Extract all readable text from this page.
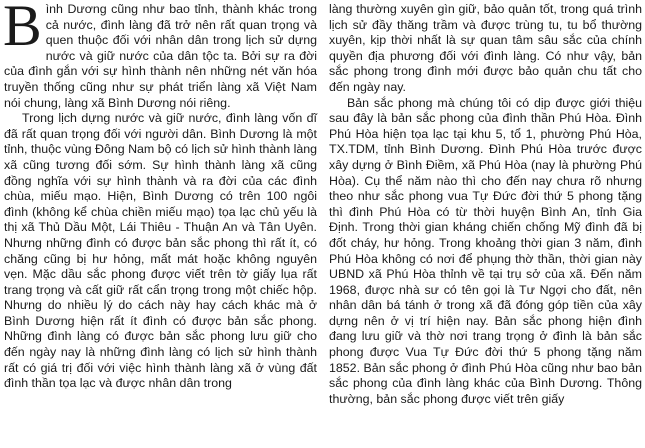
Bình Dương cũng như bao tỉnh, thành khác trong cả nước, đình làng đã trở nên rất quan trọng và quen thuộc đối với nhân dân trong lịch sử dựng nước và giữ nước của dân tộc ta. Bởi sự ra đời của đình gắn với sự hình thành nên những nét văn hóa truyền thống cũng như sự phát triển làng xã Việt Nam nói chung, làng xã Bình Dương nói riêng.

Trong lịch dựng nước và giữ nước, đình làng vốn dĩ đã rất quan trọng đối với người dân. Bình Dương là một tỉnh, thuộc vùng Đông Nam bộ có lịch sử hình thành làng xã cũng tương đối sớm. Sự hình thành làng xã cũng đồng nghĩa với sự hình thành và ra đời của các đình chùa, miếu mạo. Hiện, Bình Dương có trên 100 ngôi đình (không kể chùa chiền miếu mạo) tọa lạc chủ yếu là thị xã Thủ Dầu Một, Lái Thiêu - Thuận An và Tân Uyên. Nhưng những đình có được bản sắc phong thì rất ít, có chăng cũng bị hư hỏng, mất mát hoặc không nguyên vẹn. Mặc dầu sắc phong được viết trên tờ giấy lụa rất trang trọng và cất giữ rất cẩn trọng trong một chiếc hộp. Nhưng do nhiều lý do cách này hay cách khác mà ở Bình Dương hiện rất ít đình có được bản sắc phong. Những đình làng có được bản sắc phong lưu giữ cho đến ngày nay là những đình làng có lịch sử hình thành rất có giá trị đối với việc hình thành làng xã ở vùng đất đình thần tọa lạc và được nhân dân trong

làng thường xuyên gìn giữ, bảo quản tốt, trong quá trình lịch sử đầy thăng trầm và được trùng tu, tu bổ thường xuyên, kịp thời nhất là sự quan tâm sâu sắc của chính quyền địa phương đối với đình làng. Có như vậy, bản sắc phong trong đình mới được bảo quản chu tất cho đến ngày nay.

Bản sắc phong mà chúng tôi có dịp được giới thiệu sau đây là bản sắc phong của đình thần Phú Hòa. Đình Phú Hòa hiện tọa lạc tại khu 5, tổ 1, phường Phú Hòa, TX.TDM, tỉnh Bình Dương. Đình Phú Hòa trước được xây dựng ở Bình Điềm, xã Phú Hòa (nay là phường Phú Hòa). Cụ thể năm nào thì cho đến nay chưa rõ nhưng theo như sắc phong vua Tự Đức đời thứ 5 phong tặng thì đình Phú Hòa có từ thời huyện Bình An, tỉnh Gia Định. Trong thời gian kháng chiến chống Mỹ đình đã bị đốt cháy, hư hỏng. Trong khoảng thời gian 3 năm, đình Phú Hòa không có nơi để phụng thờ thần, thời gian này UBND xã Phú Hòa thỉnh về tại trụ sở của xã. Đến năm 1968, được nhà sư có tên gọi là Tư Ngợi cho đất, nên nhân dân bá tánh ở trong xã đã đóng góp tiền của xây dựng nên ở vị trí hiện nay. Bản sắc phong hiện đình đang lưu giữ và thờ nơi trang trọng ở đình là bản sắc phong được Vua Tự Đức đời thứ 5 phong tặng năm 1852. Bản sắc phong ở đình Phú Hòa cũng như bao bản sắc phong của đình làng khác của Bình Dương. Thông thường, bản sắc phong được viết trên giấy
